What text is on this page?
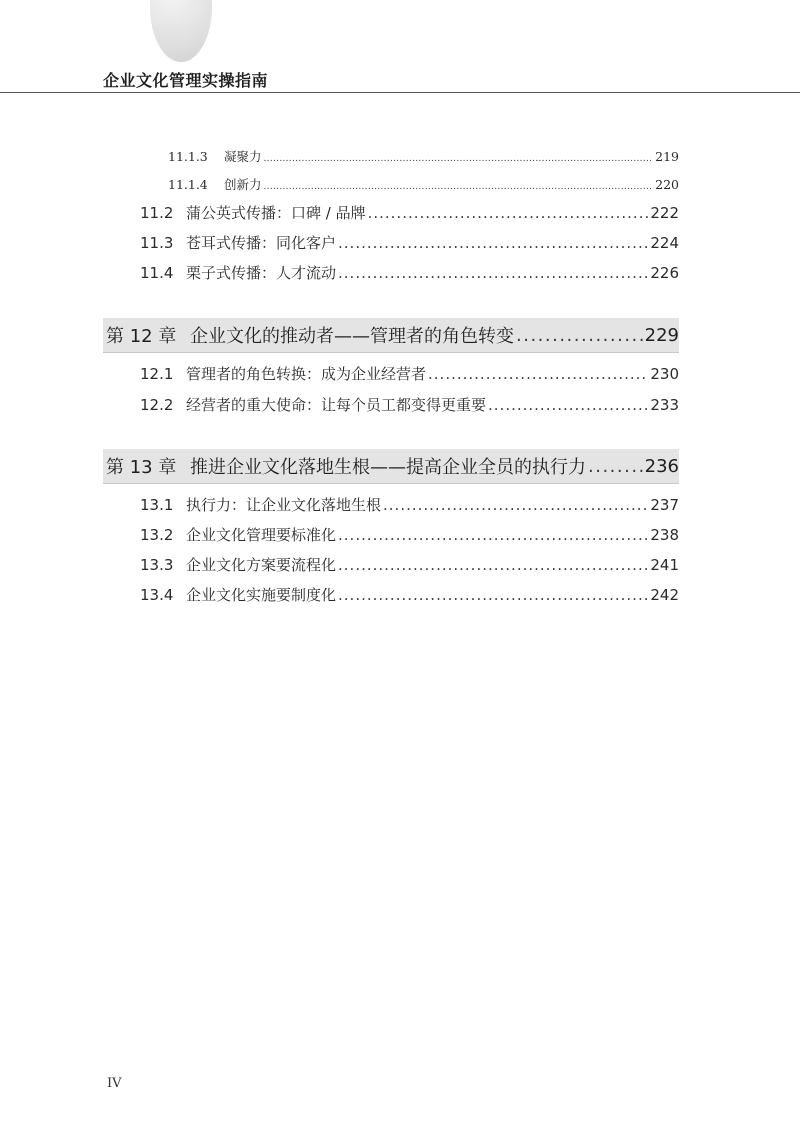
企业文化管理实操指南
11.1.3	凝聚力 .....	219
11.1.4	创新力 .....	220
11.2 蒲公英式传播：口碑 / 品牌 .....	222
11.3 苍耳式传播：同化客户 .....	224
11.4 栗子式传播：人才流动 .....	226
第 12 章 企业文化的推动者——管理者的角色转变 .....	229
12.1 管理者的角色转换：成为企业经营者 .....	230
12.2 经营者的重大使命：让每个员工都变得更重要 .....	233
第 13 章 推进企业文化落地生根——提高企业全员的执行力 .....	236
13.1 执行力：让企业文化落地生根 .....	237
13.2 企业文化管理要标准化 .....	238
13.3 企业文化方案要流程化 .....	241
13.4 企业文化实施要制度化 .....	242
IV
